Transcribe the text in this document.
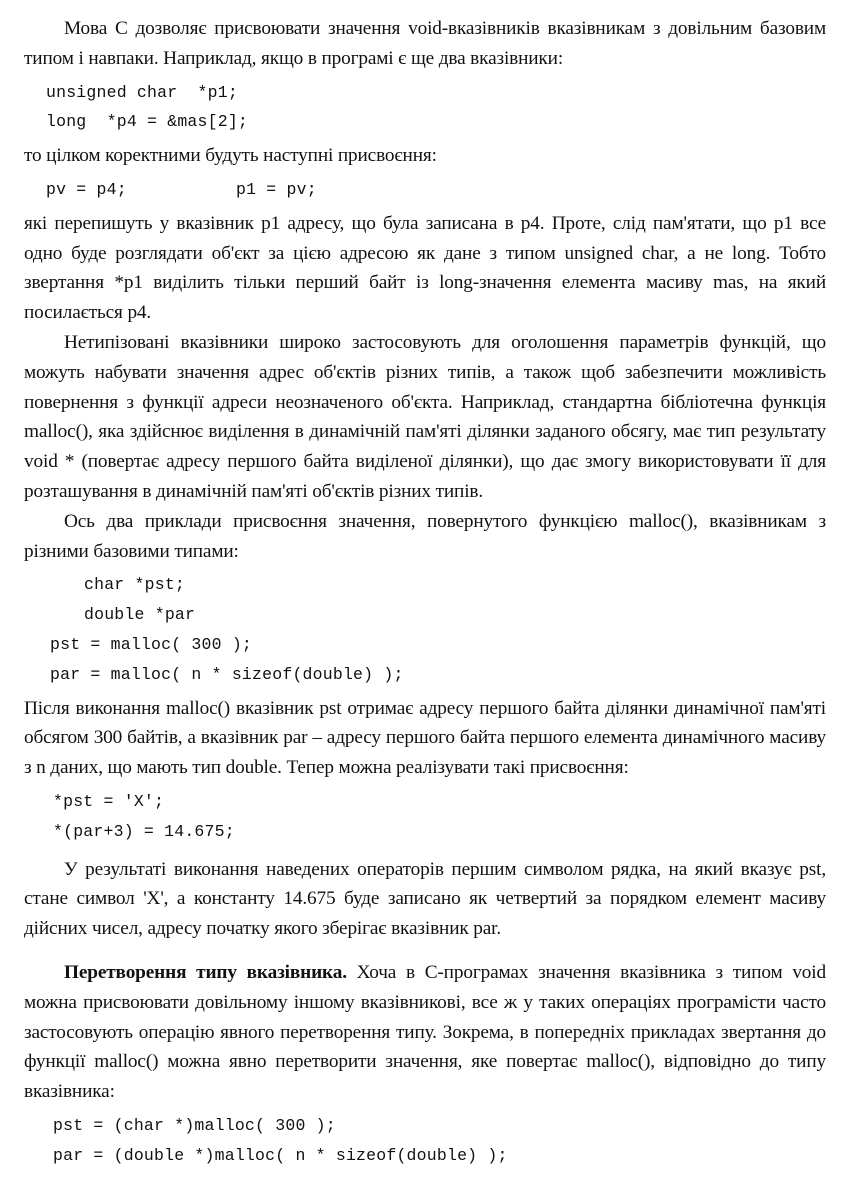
Мова С дозволяє присвоювати значення void-вказівників вказівникам з довільним базовим типом і навпаки. Наприклад, якщо в програмі є ще два вказівники:

unsigned char  *p1;
long  *p4 = &mas[2];

то цілком коректними будуть наступні присвоєння:

pv = p4;	p1 = pv;

які перепишуть у вказівник p1 адресу, що була записана в p4. Проте, слід пам'ятати, що p1 все одно буде розглядати об'єкт за цією адресою як дане з типом unsigned char, а не long. Тобто звертання *p1 виділить тільки перший байт із long-значення елемента масиву mas, на який посилається p4.

Нетипізовані вказівники широко застосовують для оголошення параметрів функцій, що можуть набувати значення адрес об'єктів різних типів, а також щоб забезпечити можливість повернення з функції адреси неозначеного об'єкта. Наприклад, стандартна бібліотечна функція malloc(), яка здійснює виділення в динамічній пам'яті ділянки заданого обсягу, має тип результату void * (повертає адресу першого байта виділеної ділянки), що дає змогу використовувати її для розташування в динамічній пам'яті об'єктів різних типів.

Ось два приклади присвоєння значення, повернутого функцією malloc(), вказівникам з різними базовими типами:

char *pst;
double *par
pst = malloc( 300 );
par = malloc( n * sizeof(double) );

Після виконання malloc() вказівник pst отримає адресу першого байта ділянки динамічної пам'яті обсягом 300 байтів, а вказівник par – адресу першого байта першого елемента динамічного масиву з n даних, що мають тип double. Тепер можна реалізувати такі присвоєння:

*pst = 'X';
*(par+3) = 14.675;

У результаті виконання наведених операторів першим символом рядка, на який вказує pst, стане символ 'X', а константу 14.675 буде записано як четвертий за порядком елемент масиву дійсних чисел, адресу початку якого зберігає вказівник par.

Перетворення типу вказівника. Хоча в С-програмах значення вказівника з типом void можна присвоювати довільному іншому вказівникові, все ж у таких операціях програмісти часто застосовують операцію явного перетворення типу. Зокрема, в попередніх прикладах звертання до функції malloc() можна явно перетворити значення, яке повертає malloc(), відповідно до типу вказівника:

pst = (char *)malloc( 300 );
par = (double *)malloc( n * sizeof(double) );
